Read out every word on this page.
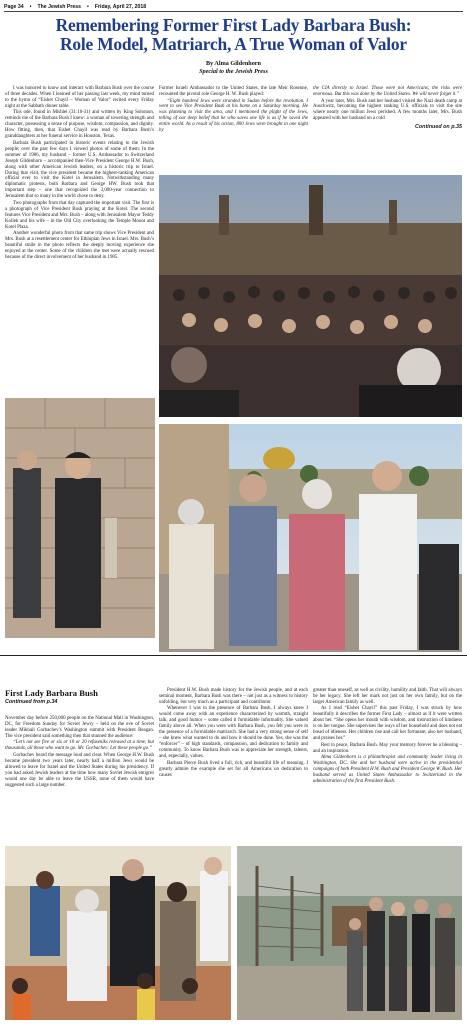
Page 34 • The Jewish Press • Friday, April 27, 2018
Remembering Former First Lady Barbara Bush:
Role Model, Matriarch, A True Woman of Valor
By Alma Gildenhorn
Special to the Jewish Press

I was honored to know and interact with Barbara Bush over the course of three decades. When I learned of her passing last week, my mind turned to the hymn of “Eishet Chayil – Woman of Valor” recited every Friday night at the Sabbath dinner table.

This ode, found in Mishlei (31:10-31) and written by King Solomon, reminds me of the Barbara Bush I knew: a woman of towering strength and character, possessing a sense of purpose, wisdom, compassion, and dignity. How fitting, then, that Eishet Chayil was read by Barbara Bush’s granddaughters at her funeral service in Houston, Texas.

Barbara Bush participated in historic events relating to the Jewish people; over the past few days I viewed photos of some of them: In the summer of 1986, my husband – former U.S. Ambassador to Switzerland Joseph Gildenhorn – accompanied then-Vice President George H.W. Bush, along with other American Jewish leaders, on a historic trip to Israel. During that visit, the vice president became the highest-ranking American official ever to visit the Kotel in Jerusalem. Notwithstanding many diplomatic protests, both Barbara and George HW. Bush took that important step – one that recognized the 3,000-year connection to Jerusalem that so many in the world chose to deny.

Two photographs from that day captured the important visit. The first is a photograph of Vice President Bush praying at the Kotel. The second features Vice President and Mrs. Bush – along with Jerusalem Mayor Teddy Kollek and his wife – in the Old City overlooking the Temple Mount and Kotel Plaza.

Another wonderful photo from that same trip shows Vice President and Mrs. Bush at a resettlement center for Ethiopian Jews in Israel. Mrs. Bush’s beautiful smile in the photo reflects the deeply moving experience she enjoyed at the center. Some of the children she met were actually rescued because of the direct involvement of her husband in 1985.

Former Israeli Ambassador to the United States, the late Meir Rosenne, recounted the pivotal role George H. W. Bush played:

“Eight hundred Jews were stranded in Sudan before the revolution. I went to see Vice President Bush at his home on a Saturday morning. He was planning to visit the area, and I mentioned the plight of the Jews, telling of our deep belief that he who saves one life is as if he saved the entire world. As a result of his action, 800 Jews were brought in one night by

the CIA directly to Israel. Those were not Americans; the risks were enormous. But this was done by the United States. We will never forget it.”

A year later, Mrs. Bush and her husband visited the Nazi death camp at Auschwitz, becoming the highest ranking U.S. officials to visit the site where nearly one million Jews perished. A few months later, Mrs. Bush appeared with her husband on a cold

Continued on p.35
First Lady Barbara Bush
Continued from p.34

November day before 250,000 people on the National Mall in Washington, DC, for Freedom Sunday for Soviet Jewry – held on the eve of Soviet leader Mikhail Gorbachev’s Washington summit with President Reagan. The vice president said something then that stunned the audience:

“Let’s not see five or six or 10 or 20 refuseniks released at a time, but thousands, all those who want to go. Mr. Gorbachev: Let these people go.”

Gorbachev heard the message loud and clear. When George H.W. Bush became president two years later, nearly half a million Jews would be allowed to leave for Israel and the United States during his presidency. If you had asked Jewish leaders at the time how many Soviet Jewish emigres would one day be able to leave the USSR, none of them would have suggested such a large number.

President H.W. Bush made history for the Jewish people, and at each seminal moment, Barbara Bush was there – not just as a witness to history unfolding, but very much as a participant and contributor.

Whenever I was in the presence of Barbara Bush, I always knew I would come away with an experience characterized by warmth, straight talk, and good humor – some called it formidable informality. She valued family above all. When you were with Barbara Bush, you felt you were in the presence of a formidable matriarch. She had a very strong sense of self – she knew what wanted to do and how it should be done. Yes, she was the “enforcer” – of high standards, compassion, and dedication to family and community. To know Barbara Bush was to appreciate her strength, talents, and, especially, values.

Barbara Pierce Bush lived a full, rich, and beautiful life of meaning. I greatly admire the example she set for all Americans on dedication to causes

greater than oneself, as well as civility, humility and faith. That will always be her legacy. She left her mark not just on her own family, but on the larger American family as well.

As I read “Eishet Chayil” this past Friday, I was struck by how beautifully it describes the former First Lady – almost as if it were written about her. “She opens her mouth with wisdom, and instruction of kindness is on her tongue. She supervises the ways of her household and does not eat bread of idleness. Her children rise and call her fortunate; also her husband, and praises her.”

Rest in peace, Barbara Bush. May your memory forever be a blessing – and an inspiration.

Alma Gildenhorn is a philanthropist and community leader living in Washington, DC. She and her husband were active in the presidential campaigns of both President H.W. Bush and President George W. Bush. Her husband served as United States Ambassador to Switzerland in the administration of the first President Bush.
